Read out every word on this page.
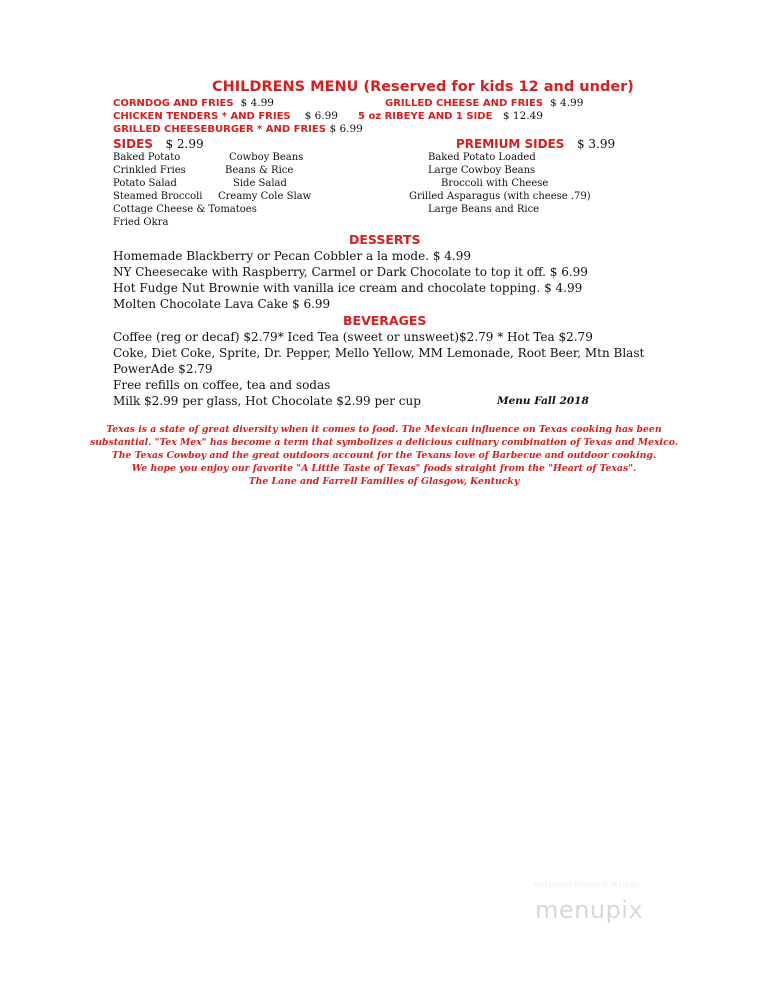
CHILDRENS MENU (Reserved for kids 12 and under)
CORNDOG AND FRIES $ 4.99
CHICKEN TENDERS * AND FRIES $ 6.99
GRILLED CHEESEBURGER * AND FRIES $ 6.99
GRILLED CHEESE AND FRIES $ 4.99
5 oz RIBEYE AND 1 SIDE $ 12.49
SIDES $ 2.99	PREMIUM SIDES $ 3.99
Baked Potato
Crinkled Fries
Potato Salad
Steamed Broccoli
Cottage Cheese & Tomatoes
Fried Okra
Cowboy Beans
Beans & Rice
Side Salad
Creamy Cole Slaw
Baked Potato Loaded
Large Cowboy Beans
Broccoli with Cheese
Grilled Asparagus (with cheese .79)
Large Beans and Rice
DESSERTS
Homemade Blackberry or Pecan Cobbler a la mode. $ 4.99
NY Cheesecake with Raspberry, Carmel or Dark Chocolate to top it off. $ 6.99
Hot Fudge Nut Brownie with vanilla ice cream and chocolate topping. $ 4.99
Molten Chocolate Lava Cake $ 6.99
BEVERAGES
Coffee (reg or decaf) $2.79* Iced Tea (sweet or unsweet)$2.79 * Hot Tea $2.79
Coke, Diet Coke, Sprite, Dr. Pepper, Mello Yellow, MM Lemonade, Root Beer, Mtn Blast
PowerAde $2.79
Free refills on coffee, tea and sodas
Milk $2.99 per glass, Hot Chocolate $2.99 per cup	Menu Fall 2018
Texas is a state of great diversity when it comes to food. The Mexican influence on Texas cooking has been
substantial. "Tex Mex" has become a term that symbolizes a delicious culinary combination of Texas and Mexico.
The Texas Cowboy and the great outdoors account for the Texans love of Barbecue and outdoor cooking.
We hope you enjoy our favorite "A Little Taste of Texas" foods straight from the "Heart of Texas".
The Lane and Farrell Families of Glasgow, Kentucky
restaurant menus & reviews
menupix
